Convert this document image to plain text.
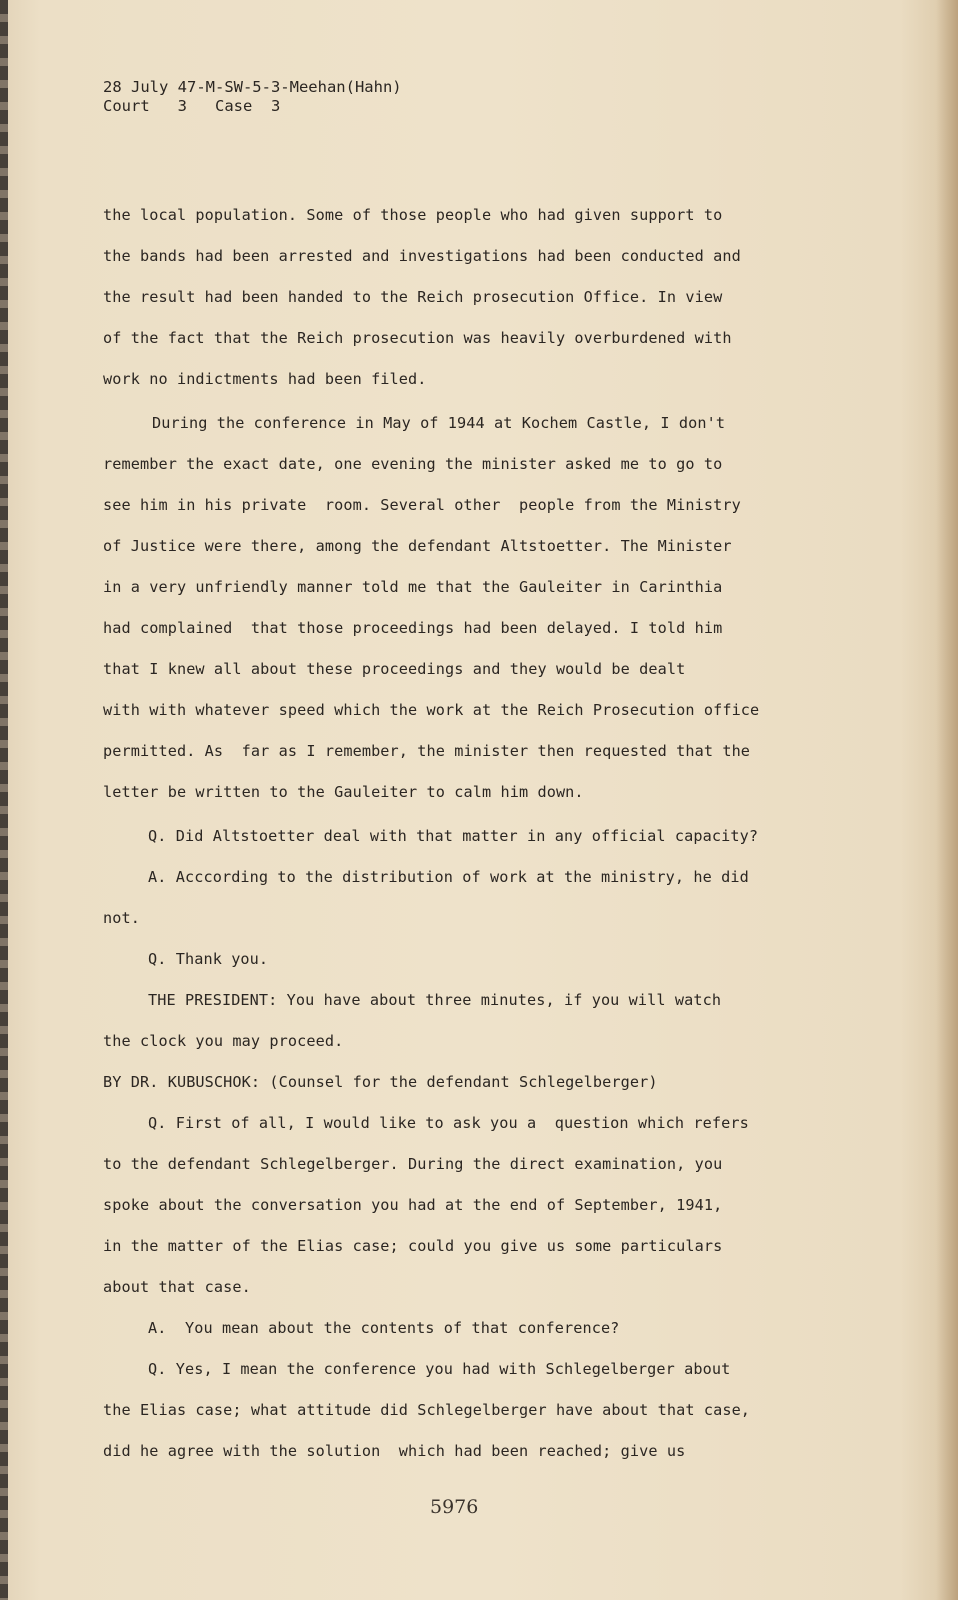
28 July 47-M-SW-5-3-Meehan(Hahn)
Court   3   Case  3
the local population. Some of those people who had given support to
the bands had been arrested and investigations had been conducted and
the result had been handed to the Reich prosecution Office. In view
of the fact that the Reich prosecution was heavily overburdened with
work no indictments had been filed.
During the conference in May of 1944 at Kochem Castle, I don't
remember the exact date, one evening the minister asked me to go to
see him in his private  room. Several other  people from the Ministry
of Justice were there, among the defendant Altstoetter. The Minister
in a very unfriendly manner told me that the Gauleiter in Carinthia
had complained  that those proceedings had been delayed. I told him
that I knew all about these proceedings and they would be dealt
with with whatever speed which the work at the Reich Prosecution office
permitted. As  far as I remember, the minister then requested that the
letter be written to the Gauleiter to calm him down.
Q. Did Altstoetter deal with that matter in any official capacity?
A. Acccording to the distribution of work at the ministry, he did
not.
Q. Thank you.
THE PRESIDENT: You have about three minutes, if you will watch
the clock you may proceed.
BY DR. KUBUSCHOK: (Counsel for the defendant Schlegelberger)
Q. First of all, I would like to ask you a  question which refers
to the defendant Schlegelberger. During the direct examination, you
spoke about the conversation you had at the end of September, 1941,
in the matter of the Elias case; could you give us some particulars
about that case.
A.  You mean about the contents of that conference?
Q. Yes, I mean the conference you had with Schlegelberger about
the Elias case; what attitude did Schlegelberger have about that case,
did he agree with the solution  which had been reached; give us
5976
